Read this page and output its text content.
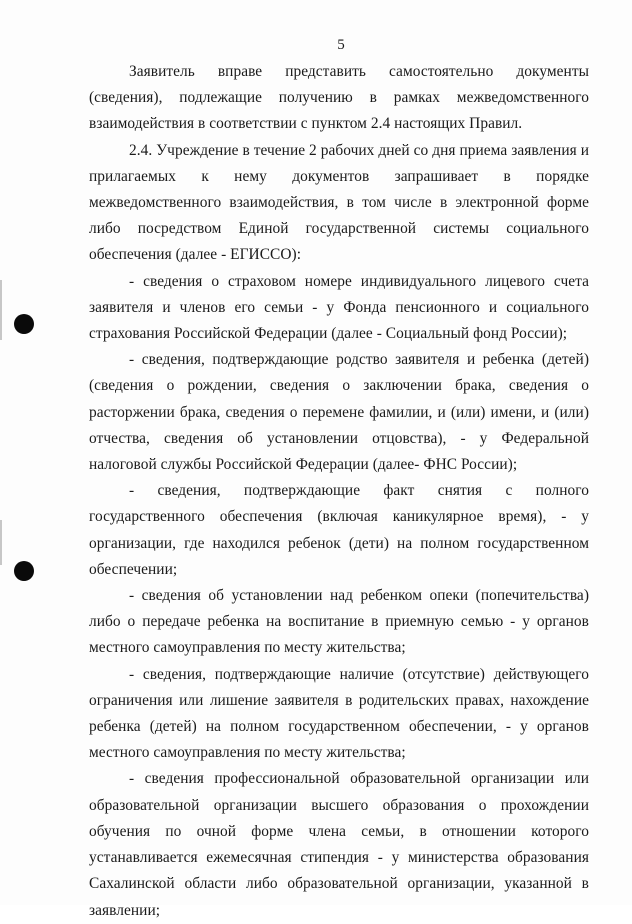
5

Заявитель вправе представить самостоятельно документы (сведения), подлежащие получению в рамках межведомственного взаимодействия в соответствии с пунктом 2.4 настоящих Правил.

2.4. Учреждение в течение 2 рабочих дней со дня приема заявления и прилагаемых к нему документов запрашивает в порядке межведомственного взаимодействия, в том числе в электронной форме либо посредством Единой государственной системы социального обеспечения (далее - ЕГИССО):

- сведения о страховом номере индивидуального лицевого счета заявителя и членов его семьи - у Фонда пенсионного и социального страхования Российской Федерации (далее - Социальный фонд России);

- сведения, подтверждающие родство заявителя и ребенка (детей) (сведения о рождении, сведения о заключении брака, сведения о расторжении брака, сведения о перемене фамилии, и (или) имени, и (или) отчества, сведения об установлении отцовства), - у Федеральной налоговой службы Российской Федерации (далее- ФНС России);

- сведения, подтверждающие факт снятия с полного государственного обеспечения (включая каникулярное время), - у организации, где находился ребенок (дети) на полном государственном обеспечении;

- сведения об установлении над ребенком опеки (попечительства) либо о передаче ребенка на воспитание в приемную семью - у органов местного самоуправления по месту жительства;

- сведения, подтверждающие наличие (отсутствие) действующего ограничения или лишение заявителя в родительских правах, нахождение ребенка (детей) на полном государственном обеспечении, - у органов местного самоуправления по месту жительства;

- сведения профессиональной образовательной организации или образовательной организации высшего образования о прохождении обучения по очной форме члена семьи, в отношении которого устанавливается ежемесячная стипендия - у министерства образования Сахалинской области либо образовательной организации, указанной в заявлении;
